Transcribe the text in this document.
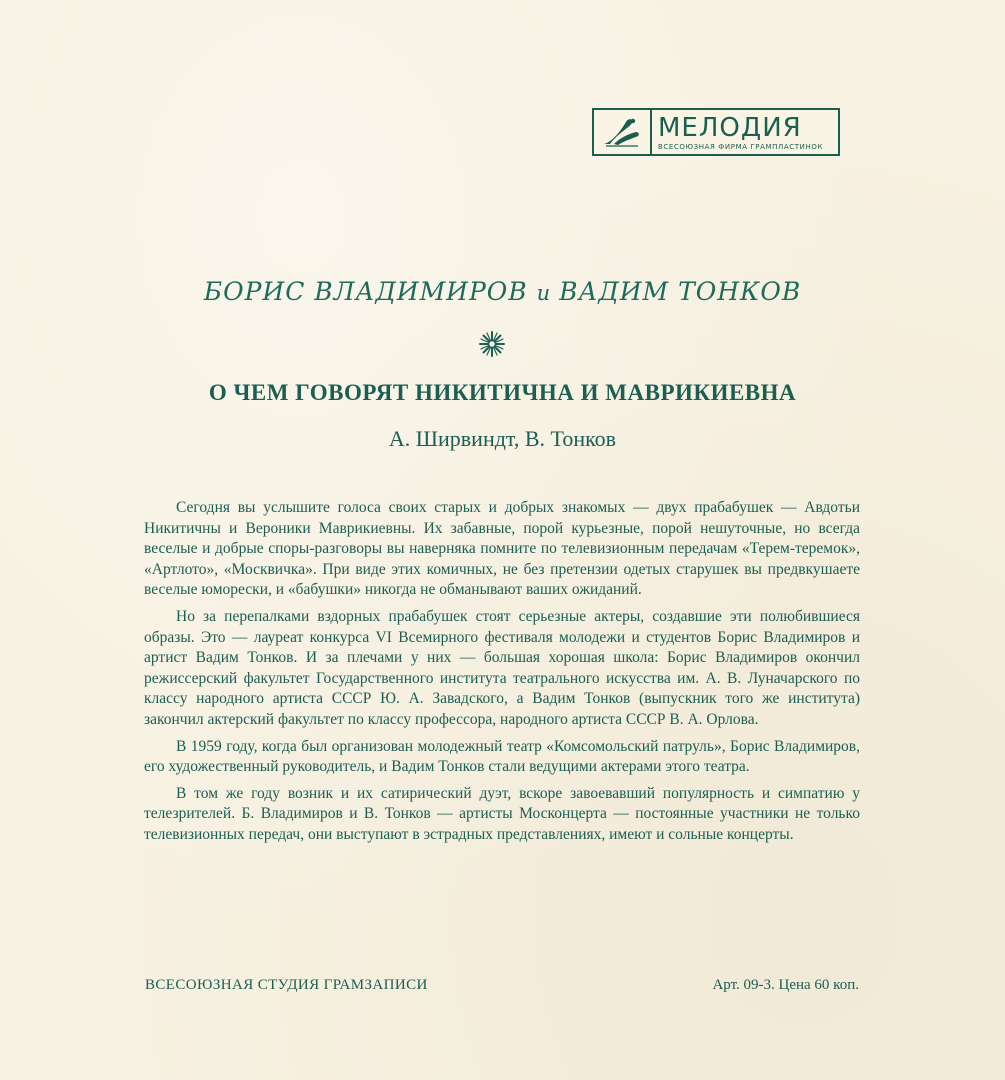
МЕЛОДИЯ
ВСЕСОЮЗНАЯ ФИРМА ГРАМПЛАСТИНОК
БОРИС ВЛАДИМИРОВ и ВАДИМ ТОНКОВ
О ЧЕМ ГОВОРЯТ НИКИТИЧНА И МАВРИКИЕВНА
А. Ширвиндт, В. Тонков

Сегодня вы услышите голоса своих старых и добрых знакомых — двух прабабушек — Авдотьи Никитичны и Вероники Маврикиевны. Их забавные, порой курьезные, порой нешуточные, но всегда веселые и добрые споры-разговоры вы наверняка помните по телевизионным передачам «Терем-теремок», «Артлото», «Москвичка». При виде этих комичных, не без претензии одетых старушек вы предвкушаете веселые юморески, и «бабушки» никогда не обманывают ваших ожиданий.

Но за перепалками вздорных прабабушек стоят серьезные актеры, создавшие эти полюбившиеся образы. Это — лауреат конкурса VI Всемирного фестиваля молодежи и студентов Борис Владимиров и артист Вадим Тонков. И за плечами у них — большая хорошая школа: Борис Владимиров окончил режиссерский факультет Государственного института театрального искусства им. А. В. Луначарского по классу народного артиста СССР Ю. А. Завадского, а Вадим Тонков (выпускник того же института) закончил актерский факультет по классу профессора, народного артиста СССР В. А. Орлова.

В 1959 году, когда был организован молодежный театр «Комсомольский патруль», Борис Владимиров, его художественный руководитель, и Вадим Тонков стали ведущими актерами этого театра.

В том же году возник и их сатирический дуэт, вскоре завоевавший популярность и симпатию у телезрителей. Б. Владимиров и В. Тонков — артисты Москонцерта — постоянные участники не только телевизионных передач, они выступают в эстрадных представлениях, имеют и сольные концерты.

ВСЕСОЮЗНАЯ СТУДИЯ ГРАМЗАПИСИ	Арт. 09-3. Цена 60 коп.
